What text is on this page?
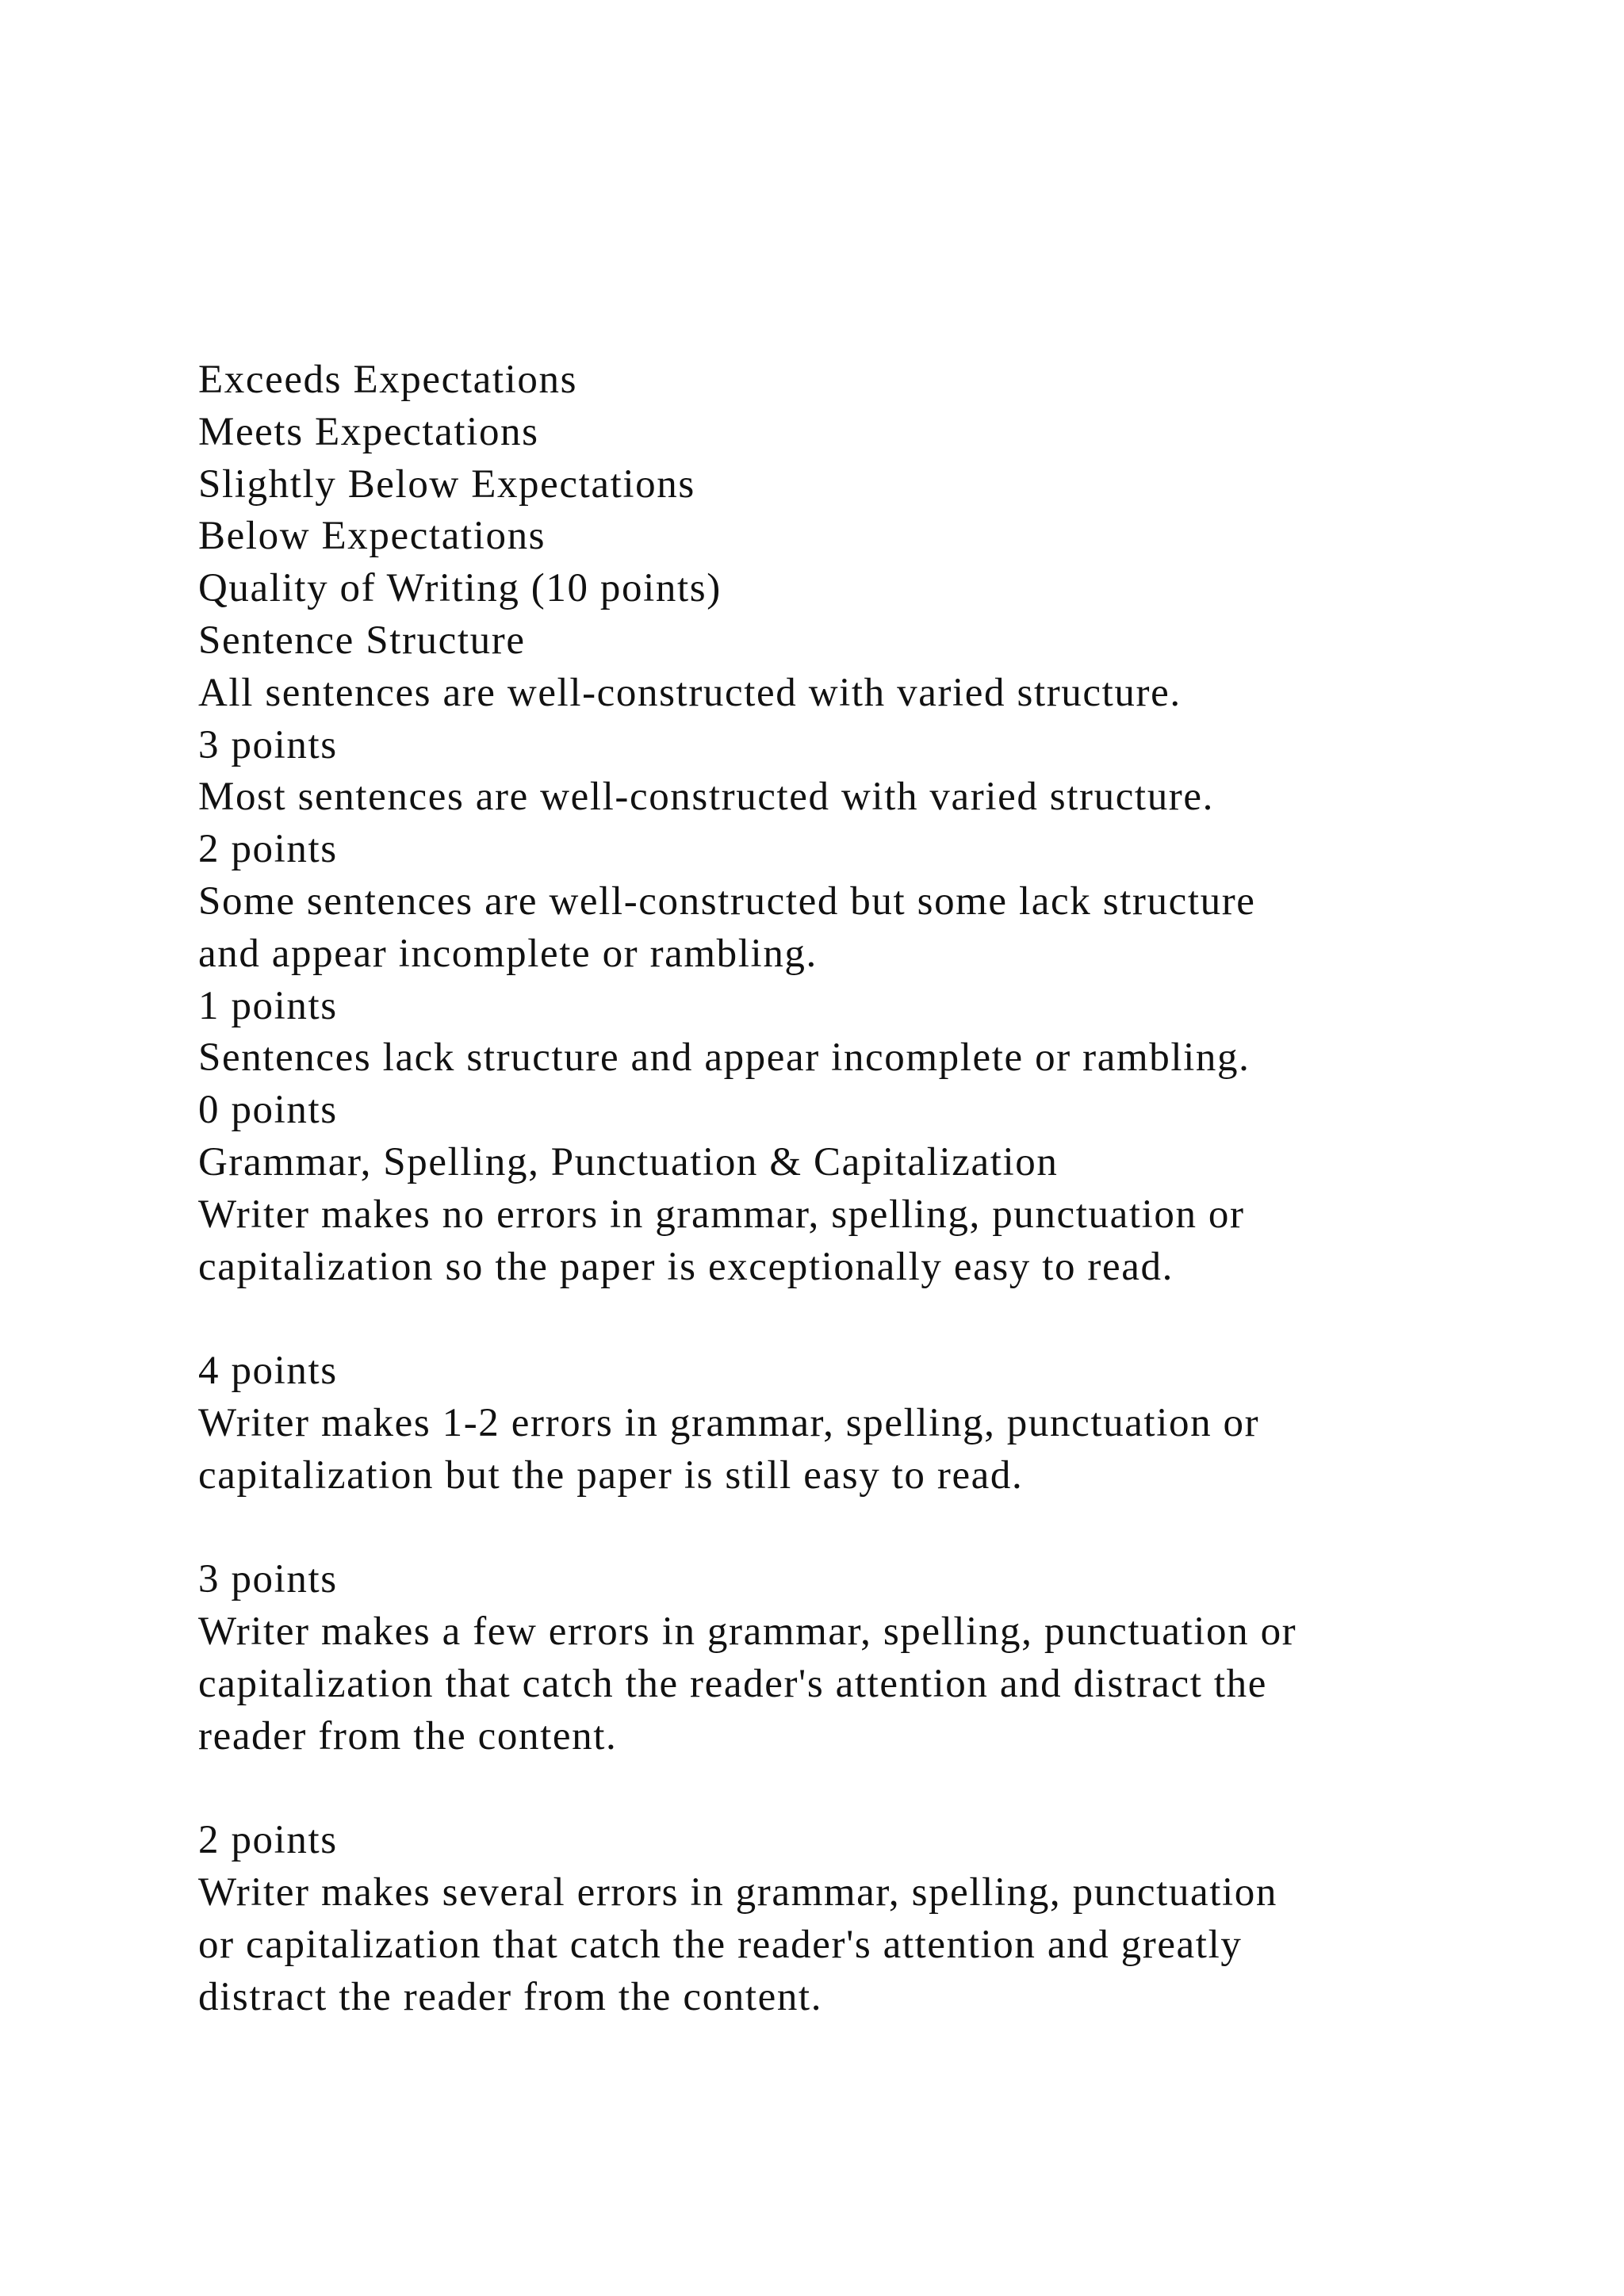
Exceeds Expectations
Meets Expectations
Slightly Below Expectations
Below Expectations
Quality of Writing (10 points)
Sentence Structure
All sentences are well-constructed with varied structure.
3 points
Most sentences are well-constructed with varied structure.
2 points
Some sentences are well-constructed but some lack structure
and appear incomplete or rambling.
1 points
Sentences lack structure and appear incomplete or rambling.
0 points
Grammar, Spelling, Punctuation & Capitalization
Writer makes no errors in grammar, spelling, punctuation or
capitalization so the paper is exceptionally easy to read.
4 points
Writer makes 1-2 errors in grammar, spelling, punctuation or
capitalization but the paper is still easy to read.
3 points
Writer makes a few errors in grammar, spelling, punctuation or
capitalization that catch the reader's attention and distract the
reader from the content.
2 points
Writer makes several errors in grammar, spelling, punctuation
or capitalization that catch the reader's attention and greatly
distract the reader from the content.
